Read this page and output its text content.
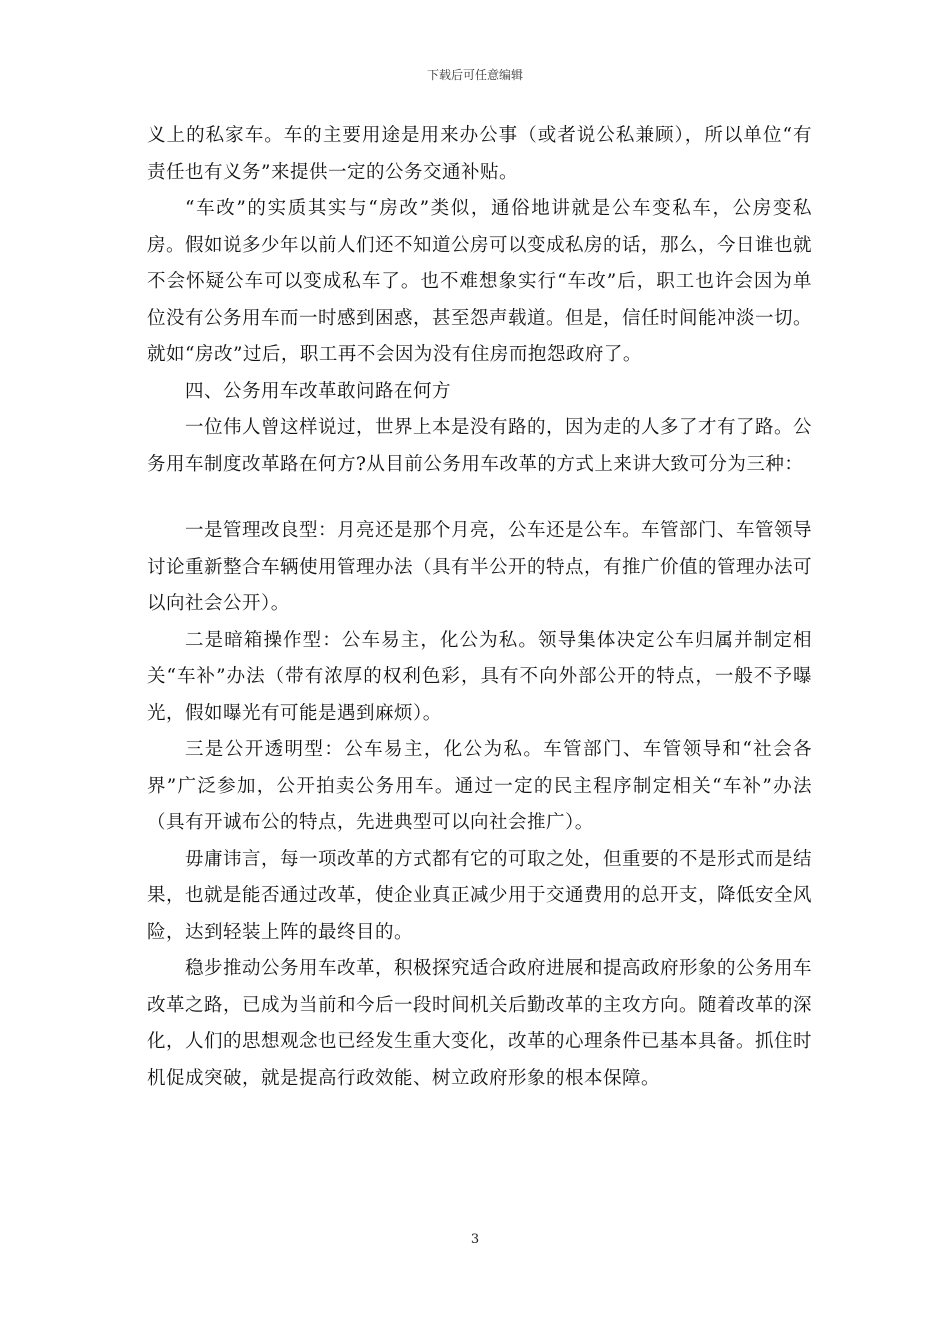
下载后可任意编辑

义上的私家车。车的主要用途是用来办公事（或者说公私兼顾），所以单位“有责任也有义务”来提供一定的公务交通补贴。

“车改”的实质其实与“房改”类似，通俗地讲就是公车变私车，公房变私房。假如说多少年以前人们还不知道公房可以变成私房的话，那么，今日谁也就不会怀疑公车可以变成私车了。也不难想象实行“车改”后，职工也许会因为单位没有公务用车而一时感到困惑，甚至怨声载道。但是，信任时间能冲淡一切。就如“房改”过后，职工再不会因为没有住房而抱怨政府了。

四、公务用车改革敢问路在何方

一位伟人曾这样说过，世界上本是没有路的，因为走的人多了才有了路。公务用车制度改革路在何方?从目前公务用车改革的方式上来讲大致可分为三种：

一是管理改良型：月亮还是那个月亮，公车还是公车。车管部门、车管领导讨论重新整合车辆使用管理办法（具有半公开的特点，有推广价值的管理办法可以向社会公开）。

二是暗箱操作型：公车易主，化公为私。领导集体决定公车归属并制定相关“车补”办法（带有浓厚的权利色彩，具有不向外部公开的特点，一般不予曝光，假如曝光有可能是遇到麻烦）。

三是公开透明型：公车易主，化公为私。车管部门、车管领导和“社会各界”广泛参加，公开拍卖公务用车。通过一定的民主程序制定相关“车补”办法（具有开诚布公的特点，先进典型可以向社会推广）。

毋庸讳言，每一项改革的方式都有它的可取之处，但重要的不是形式而是结果，也就是能否通过改革，使企业真正减少用于交通费用的总开支，降低安全风险，达到轻装上阵的最终目的。

稳步推动公务用车改革，积极探究适合政府进展和提高政府形象的公务用车改革之路，已成为当前和今后一段时间机关后勤改革的主攻方向。随着改革的深化，人们的思想观念也已经发生重大变化，改革的心理条件已基本具备。抓住时机促成突破，就是提高行政效能、树立政府形象的根本保障。

3
